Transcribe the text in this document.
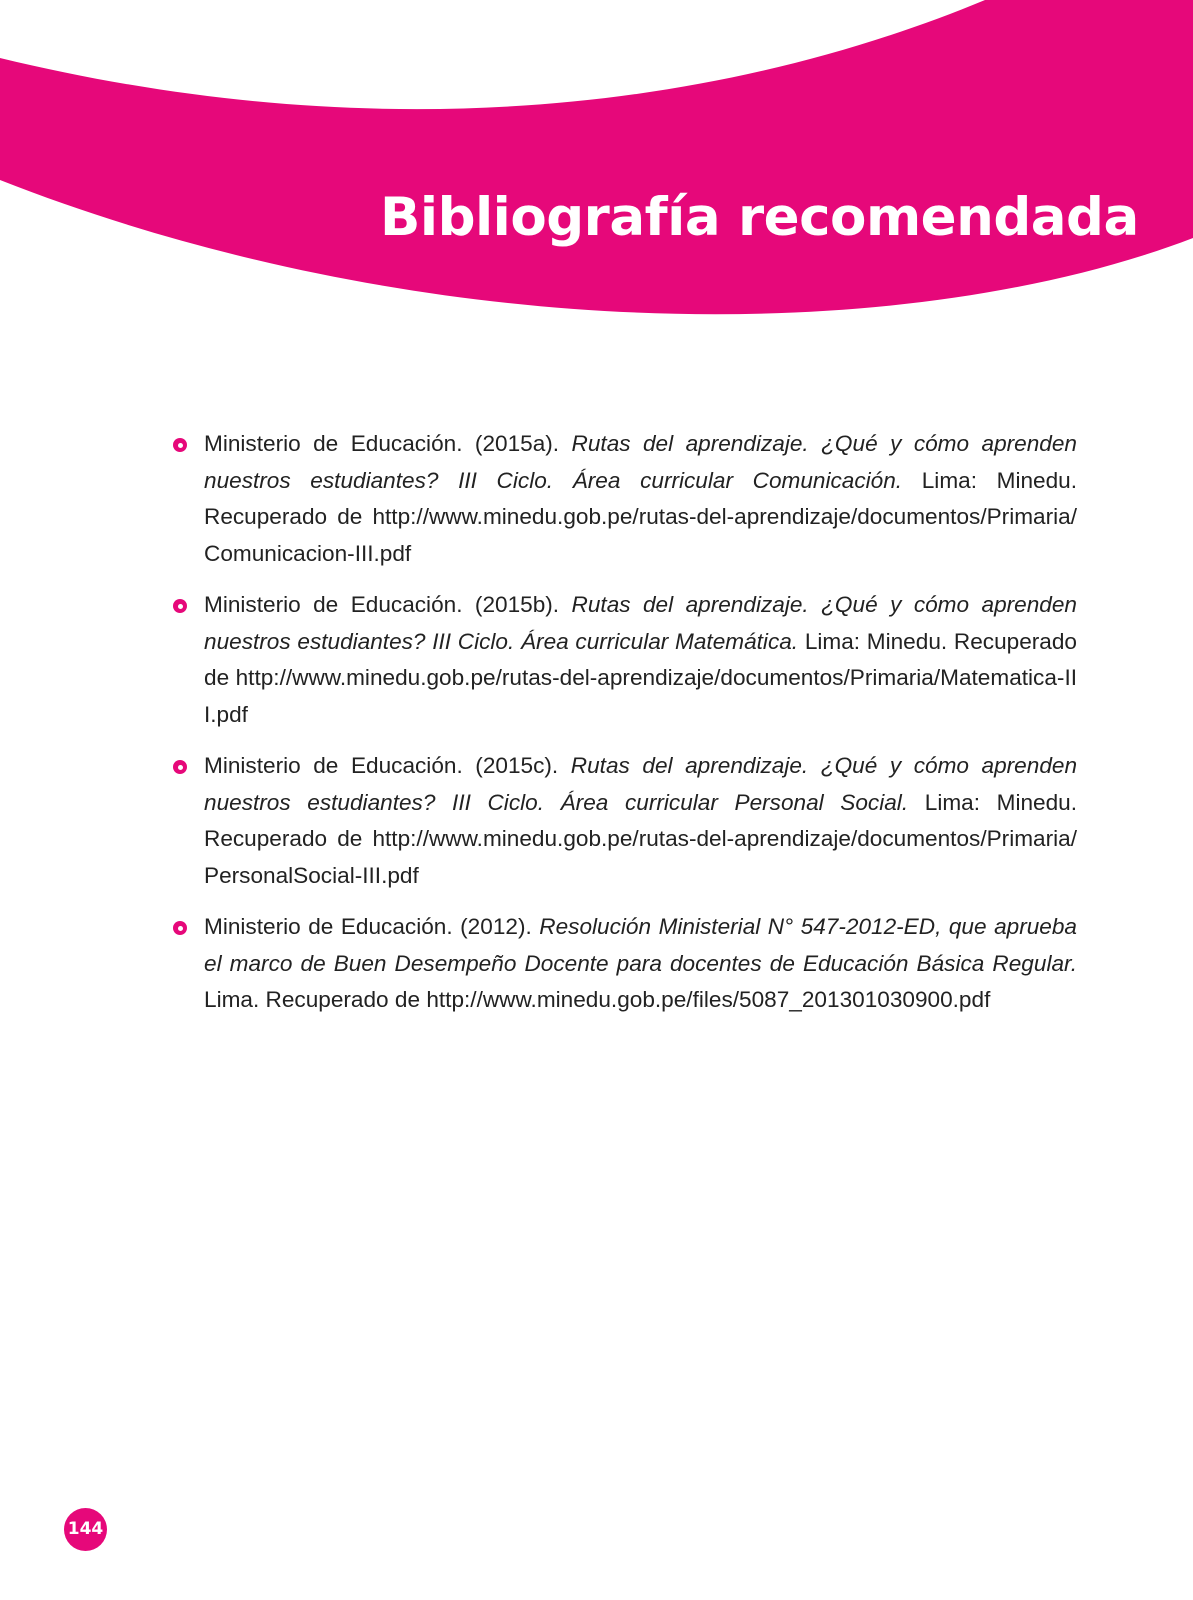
Bibliografía recomendada
Ministerio de Educación. (2015a). Rutas del aprendizaje. ¿Qué y cómo aprenden nuestros estudiantes? III Ciclo. Área curricular Comunicación. Lima: Minedu. Recuperado de http://www.minedu.gob.pe/rutas-del-aprendizaje/documentos/Primaria/Comunicacion-III.pdf
Ministerio de Educación. (2015b). Rutas del aprendizaje. ¿Qué y cómo aprenden nuestros estudiantes? III Ciclo. Área curricular Matemática. Lima: Minedu. Recuperado de http://www.minedu.gob.pe/rutas-del-aprendizaje/documentos/Primaria/Matematica-III.pdf
Ministerio de Educación. (2015c). Rutas del aprendizaje. ¿Qué y cómo aprenden nuestros estudiantes? III Ciclo. Área curricular Personal Social. Lima: Minedu. Recuperado de http://www.minedu.gob.pe/rutas-del-aprendizaje/documentos/Primaria/PersonalSocial-III.pdf
Ministerio de Educación. (2012). Resolución Ministerial N° 547-2012-ED, que aprueba el marco de Buen Desempeño Docente para docentes de Educación Básica Regular. Lima. Recuperado de http://www.minedu.gob.pe/files/5087_201301030900.pdf
144
